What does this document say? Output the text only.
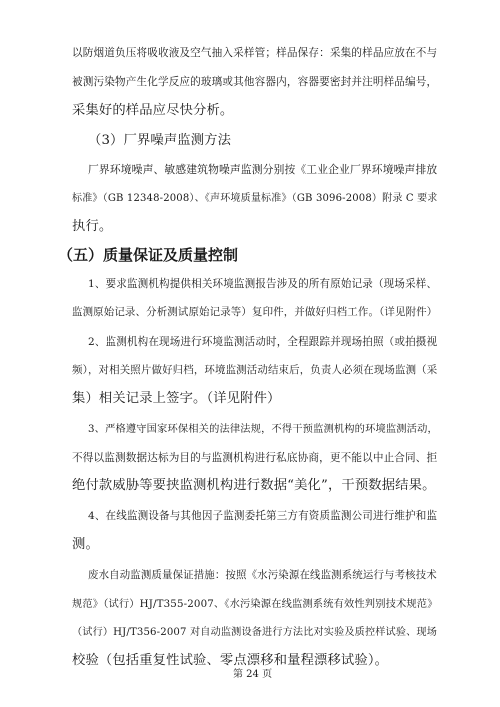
以防烟道负压将吸收液及空气抽入采样管；样品保存：采集的样品应放在不与
被测污染物产生化学反应的玻璃或其他容器内，容器要密封并注明样品编号，
采集好的样品应尽快分析。
（3）厂界噪声监测方法
厂界环境噪声、敏感建筑物噪声监测分别按《工业企业厂界环境噪声排放
标准》（GB 12348-2008）、《声环境质量标准》（GB 3096-2008）附录 C 要求
执行。
（五）质量保证及质量控制
1、要求监测机构提供相关环境监测报告涉及的所有原始记录（现场采样、
监测原始记录、分析测试原始记录等）复印件，并做好归档工作。（详见附件）
2、监测机构在现场进行环境监测活动时，全程跟踪并现场拍照（或拍摄视
频），对相关照片做好归档，环境监测活动结束后，负责人必须在现场监测（采
集）相关记录上签字。（详见附件）
3、严格遵守国家环保相关的法律法规，不得干预监测机构的环境监测活动，
不得以监测数据达标为目的与监测机构进行私底协商，更不能以中止合同、拒
绝付款威胁等要挟监测机构进行数据“美化”，干预数据结果。
4、在线监测设备与其他因子监测委托第三方有资质监测公司进行维护和监
测。
废水自动监测质量保证措施：按照《水污染源在线监测系统运行与考核技术
规范》（试行）HJ/T355-2007、《水污染源在线监测系统有效性判别技术规范》
（试行）HJ/T356-2007 对自动监测设备进行方法比对实验及质控样试验、现场
校验（包括重复性试验、零点漂移和量程漂移试验）。
第 24 页
